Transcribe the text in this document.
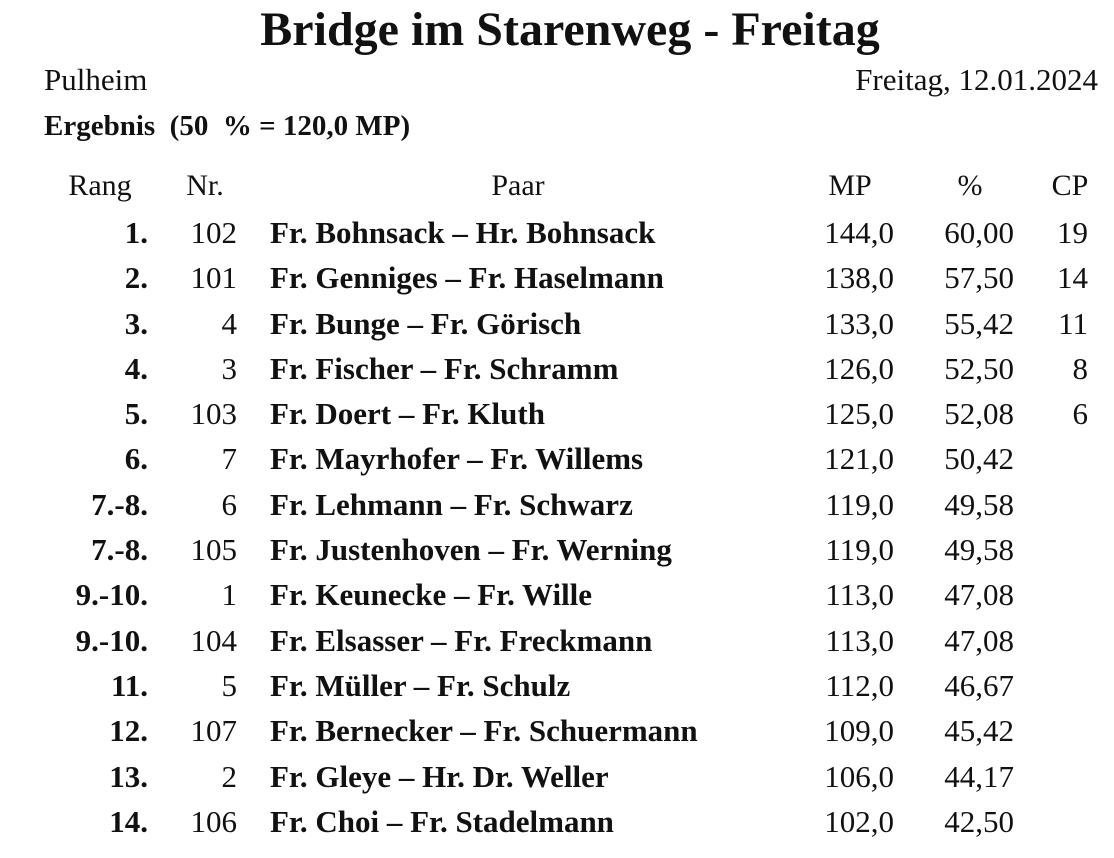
Bridge im Starenweg - Freitag
Pulheim	Freitag, 12.01.2024
Ergebnis  (50  % = 120,0 MP)
Rang	Nr.	Paar	MP	%	CP
1.	102 Fr. Bohnsack – Hr. Bohnsack	144,0	60,00	19
2.	101 Fr. Genniges – Fr. Haselmann	138,0	57,50	14
3.	4 Fr. Bunge – Fr. Görisch	133,0	55,42	11
4.	3 Fr. Fischer – Fr. Schramm	126,0	52,50	8
5.	103 Fr. Doert – Fr. Kluth	125,0	52,08	6
6.	7 Fr. Mayrhofer – Fr. Willems	121,0	50,42
7.-8.	6 Fr. Lehmann – Fr. Schwarz	119,0	49,58
7.-8.	105 Fr. Justenhoven – Fr. Werning	119,0	49,58
9.-10.	1 Fr. Keunecke – Fr. Wille	113,0	47,08
9.-10.	104 Fr. Elsasser – Fr. Freckmann	113,0	47,08
11.	5 Fr. Müller – Fr. Schulz	112,0	46,67
12.	107 Fr. Bernecker – Fr. Schuermann	109,0	45,42
13.	2 Fr. Gleye – Hr. Dr. Weller	106,0	44,17
14.	106 Fr. Choi – Fr. Stadelmann	102,0	42,50
